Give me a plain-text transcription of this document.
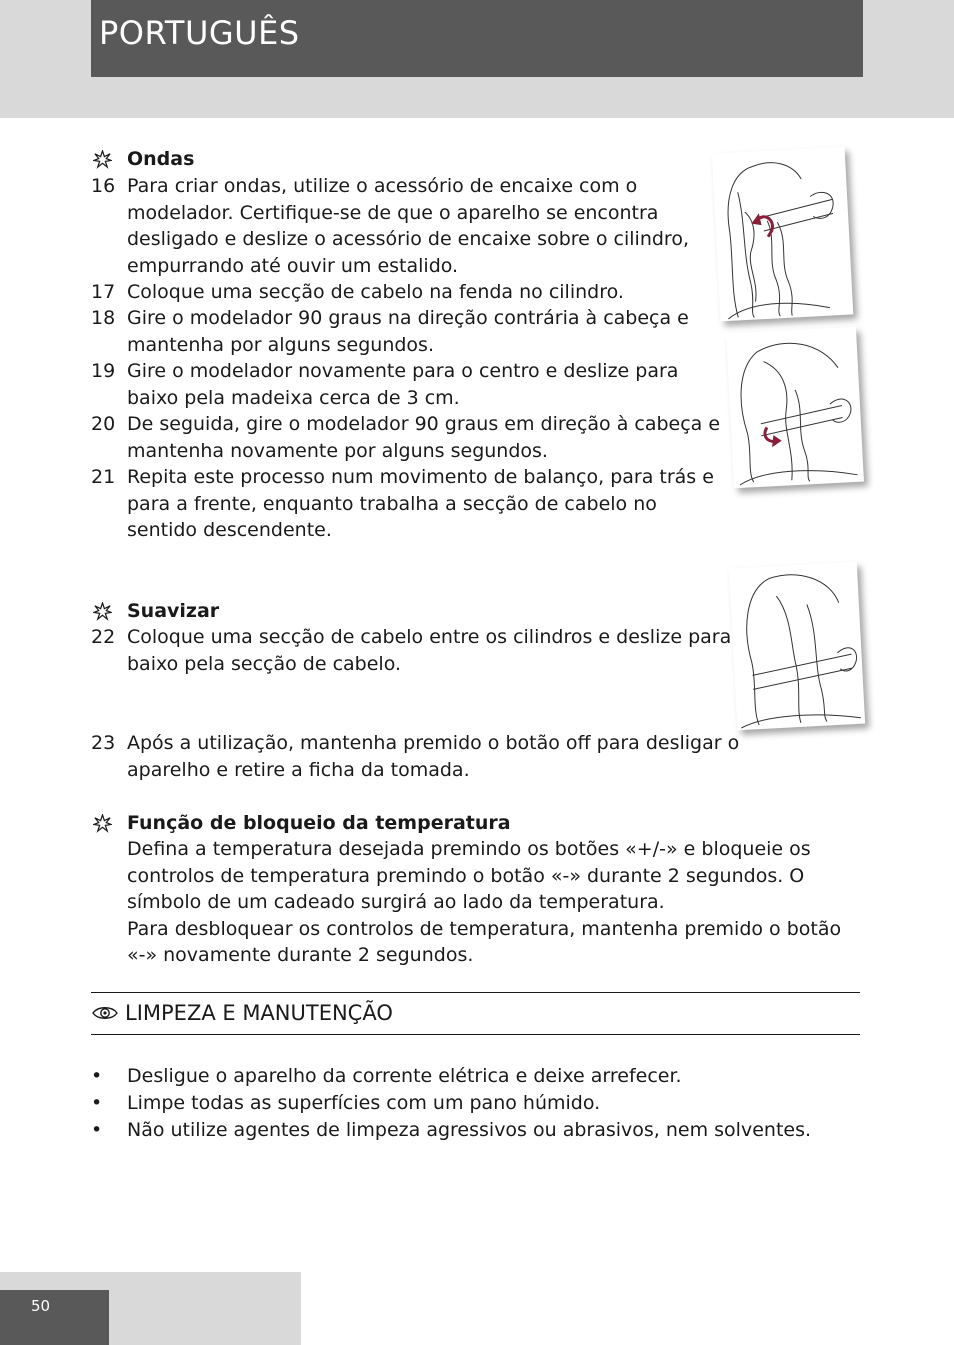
PORTUGUÊS
Ondas
16 Para criar ondas, utilize o acessório de encaixe com o
modelador. Certifique-se de que o aparelho se encontra
desligado e deslize o acessório de encaixe sobre o cilindro,
empurrando até ouvir um estalido.
17 Coloque uma secção de cabelo na fenda no cilindro.
18 Gire o modelador 90 graus na direção contrária à cabeça e
mantenha por alguns segundos.
19 Gire o modelador novamente para o centro e deslize para
baixo pela madeixa cerca de 3 cm.
20 De seguida, gire o modelador 90 graus em direção à cabeça e
mantenha novamente por alguns segundos.
21 Repita este processo num movimento de balanço, para trás e
para a frente, enquanto trabalha a secção de cabelo no
sentido descendente.
Suavizar
22 Coloque uma secção de cabelo entre os cilindros e deslize para
baixo pela secção de cabelo.
23 Após a utilização, mantenha premido o botão off para desligar o
aparelho e retire a ficha da tomada.
Função de bloqueio da temperatura
Defina a temperatura desejada premindo os botões «+/-» e bloqueie os
controlos de temperatura premindo o botão «-» durante 2 segundos. O
símbolo de um cadeado surgirá ao lado da temperatura.
Para desbloquear os controlos de temperatura, mantenha premido o botão
«-» novamente durante 2 segundos.
• Desligue o aparelho da corrente elétrica e deixe arrefecer.
• Limpe todas as superfícies com um pano húmido.
• Não utilize agentes de limpeza agressivos ou abrasivos, nem solventes.
LIMPEZA E MANUTENÇÃO
50
